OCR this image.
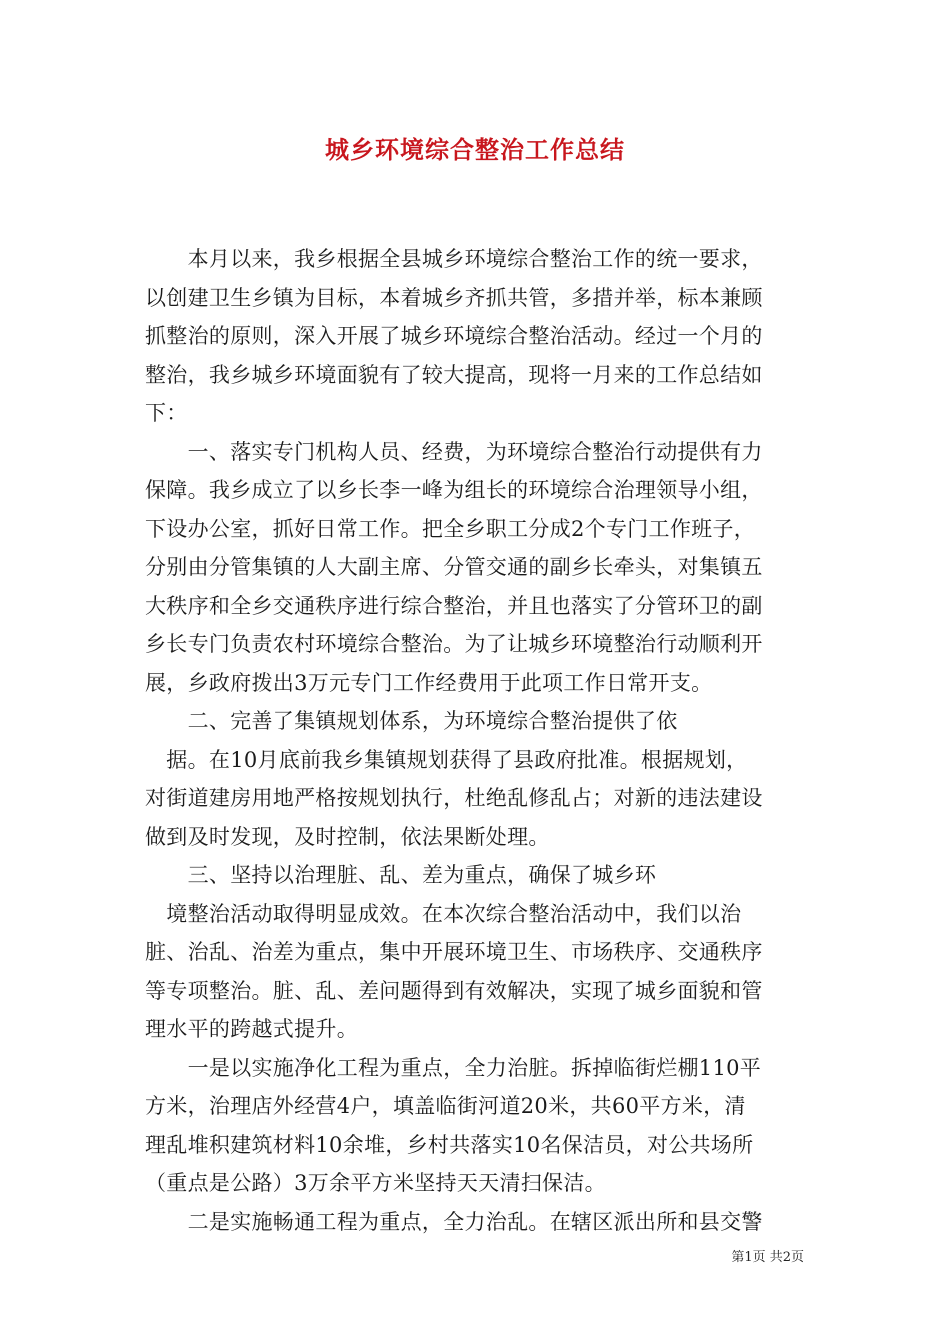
城乡环境综合整治工作总结
　　本月以来，我乡根据全县城乡环境综合整治工作的统一要求，
以创建卫生乡镇为目标，本着城乡齐抓共管，多措并举，标本兼顾
抓整治的原则，深入开展了城乡环境综合整治活动。经过一个月的
整治，我乡城乡环境面貌有了较大提高，现将一月来的工作总结如
下：
　　一、落实专门机构人员、经费，为环境综合整治行动提供有力
保障。我乡成立了以乡长李一峰为组长的环境综合治理领导小组，
下设办公室，抓好日常工作。把全乡职工分成2个专门工作班子，
分别由分管集镇的人大副主席、分管交通的副乡长牵头，对集镇五
大秩序和全乡交通秩序进行综合整治，并且也落实了分管环卫的副
乡长专门负责农村环境综合整治。为了让城乡环境整治行动顺利开
展，乡政府拨出3万元专门工作经费用于此项工作日常开支。
　　二、完善了集镇规划体系，为环境综合整治提供了依
　据。在10月底前我乡集镇规划获得了县政府批准。根据规划，
对街道建房用地严格按规划执行，杜绝乱修乱占；对新的违法建设
做到及时发现，及时控制，依法果断处理。
　　三、坚持以治理脏、乱、差为重点，确保了城乡环
　境整治活动取得明显成效。在本次综合整治活动中，我们以治
脏、治乱、治差为重点，集中开展环境卫生、市场秩序、交通秩序
等专项整治。脏、乱、差问题得到有效解决，实现了城乡面貌和管
理水平的跨越式提升。
　　一是以实施净化工程为重点，全力治脏。拆掉临街烂棚110平
方米，治理店外经营4户，填盖临街河道20米，共60平方米，清
理乱堆积建筑材料10余堆，乡村共落实10名保洁员，对公共场所
（重点是公路）3万余平方米坚持天天清扫保洁。
　　二是实施畅通工程为重点，全力治乱。在辖区派出所和县交警
第1页 共2页
